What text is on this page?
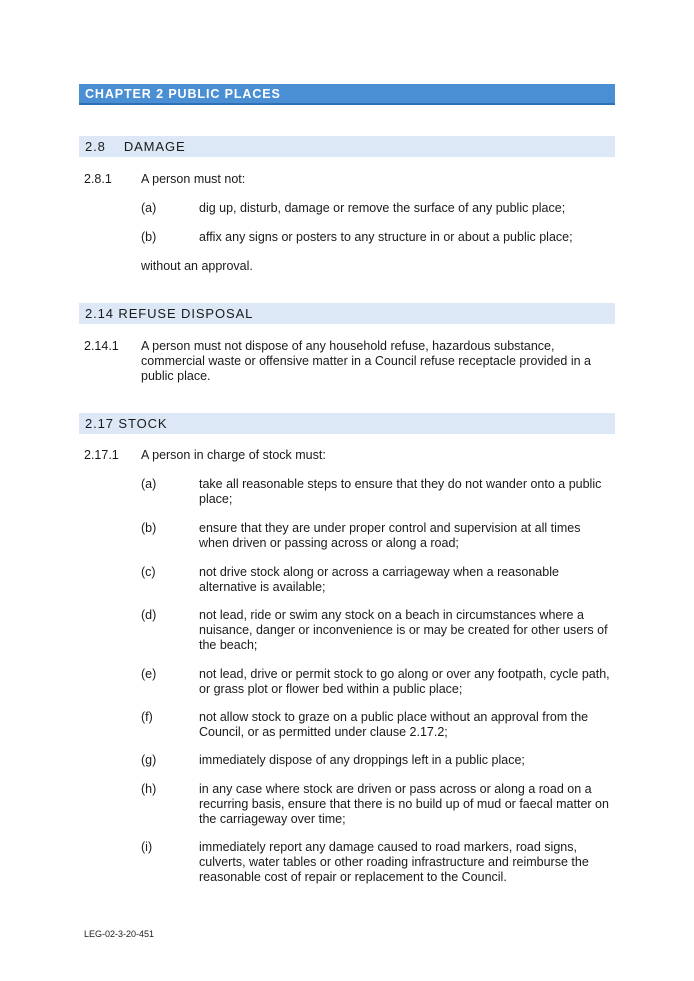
CHAPTER 2 PUBLIC PLACES
2.8    DAMAGE
2.8.1 A person must not:
(a)	dig up, disturb, damage or remove the surface of any public place;
(b)	affix any signs or posters to any structure in or about a public place;
without an approval.
2.14 REFUSE DISPOSAL
2.14.1 A person must not dispose of any household refuse, hazardous substance, commercial waste or offensive matter in a Council refuse receptacle provided in a public place.
2.17 STOCK
2.17.1 A person in charge of stock must:
(a)	take all reasonable steps to ensure that they do not wander onto a public place;
(b)	ensure that they are under proper control and supervision at all times when driven or passing across or along a road;
(c)	not drive stock along or across a carriageway when a reasonable alternative is available;
(d)	not lead, ride or swim any stock on a beach in circumstances where a nuisance, danger or inconvenience is or may be created for other users of the beach;
(e)	not lead, drive or permit stock to go along or over any footpath, cycle path, or grass plot or flower bed within a public place;
(f)	not allow stock to graze on a public place without an approval from the Council, or as permitted under clause 2.17.2;
(g)	immediately dispose of any droppings left in a public place;
(h)	in any case where stock are driven or pass across or along a road on a recurring basis, ensure that there is no build up of mud or faecal matter on the carriageway over time;
(i)	immediately report any damage caused to road markers, road signs, culverts, water tables or other roading infrastructure and reimburse the reasonable cost of repair or replacement to the Council.
LEG-02-3-20-451
